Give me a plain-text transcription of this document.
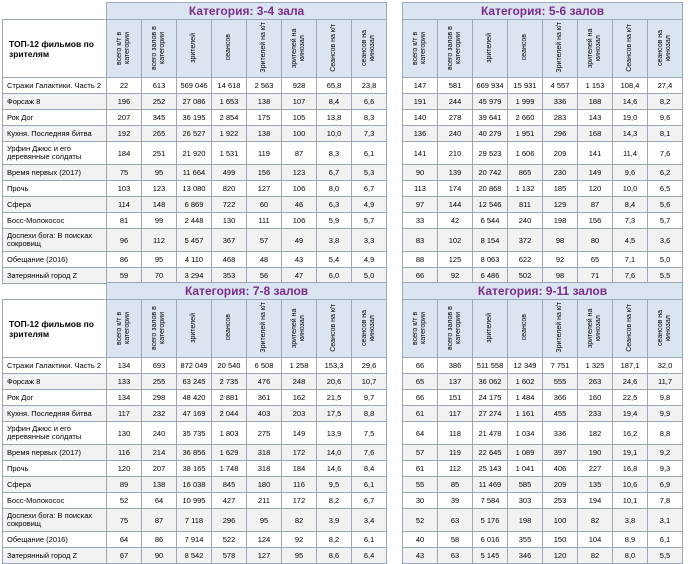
	Категория: 3-4 зала							
ТОП-12 фильмов по зрителям	всего к/т в категории	всего залов в категории	зрителей	сеансов	Зрителей на к/т	зрителей на кинозал	Сеансов на к/т	сеансов на кинозал
Стражи Галактики. Часть 2	22	613	569 046	14 618	2 563	928	65,8	23,8
Форсаж 8	196	252	27 086	1 653	138	107	8,4	6,6
Рок Дог	207	345	36 195	2 854	175	105	13,8	8,3
Кухня. Последняя битва	192	265	26 527	1 922	138	100	10,0	7,3
Урфин Джюс и его деревянные солдаты	184	251	21 920	1 531	119	87	8,3	6,1
Время первых (2017)	75	95	11 664	499	156	123	6,7	5,3
Прочь	103	123	13 080	820	127	106	8,0	6,7
Сфера	114	148	6 869	722	60	46	6,3	4,9
Босс-Молокосос	81	99	2 448	130	111	106	5,9	5,7
Доспехи бога: В поисках сокровищ	96	112	5 457	367	57	49	3,8	3,3
Обещание (2016)	86	95	4 110	468	48	43	5,4	4,9
Затерянный город Z	59	70	3 294	353	56	47	6,0	5,0
Категория: 5-6 залов							
всего к/т в категории	всего залов в категории	зрителей	сеансов	Зрителей на к/т	зрителей на кинозал	Сеансов на к/т	сеансов на кинозал
147	581	669 934	15 931	4 557	1 153	108,4	27,4
191	244	45 979	1 999	336	188	14,6	8,2
140	278	39 641	2 660	283	143	19,0	9,6
136	240	40 279	1 951	296	168	14,3	8,1
141	210	29 523	1 606	209	141	11,4	7,6
90	139	20 742	865	230	149	9,6	6,2
113	174	20 868	1 132	185	120	10,0	6,5
97	144	12 546	811	129	87	8,4	5,6
33	42	6 544	240	198	156	7,3	5,7
83	102	8 154	372	98	80	4,5	3,6
88	125	8 063	622	92	65	7,1	5,0
66	92	6 486	502	98	71	7,6	5,5
	Категория: 7-8 залов							
ТОП-12 фильмов по зрителям	всего к/т в категории	всего залов в категории	зрителей	сеансов	Зрителей на к/т	зрителей на кинозал	Сеансов на к/т	сеансов на кинозал
Стражи Галактики. Часть 2	134	693	872 049	20 540	6 508	1 258	153,3	29,6
Форсаж 8	133	255	63 245	2 735	476	248	20,6	10,7
Рок Дог	134	298	48 420	2 881	361	162	21,5	9,7
Кухня. Последняя битва	117	232	47 169	2 044	403	203	17,5	8,8
Урфин Джюс и его деревянные солдаты	130	240	35 735	1 803	275	149	13,9	7,5
Время первых (2017)	116	214	36 856	1 629	318	172	14,0	7,6
Прочь	120	207	38 165	1 748	318	184	14,6	8,4
Сфера	89	138	16 038	845	180	116	9,5	6,1
Босс-Молокосос	52	64	10 995	427	211	172	8,2	6,7
Доспехи бога: В поисках сокровищ	75	87	7 118	296	95	82	3,9	3,4
Обещание (2016)	64	86	7 914	522	124	92	8,2	6,1
Затерянный город Z	67	90	8 542	578	127	95	8,6	6,4
Категория: 9-11 залов							
всего к/т в категории	всего залов в категории	зрителей	сеансов	Зрителей на к/т	зрителей на кинозал	Сеансов на к/т	сеансов на кинозал
66	386	511 558	12 349	7 751	1 325	187,1	32,0
65	137	36 062	1 602	555	263	24,6	11,7
66	151	24 175	1 484	366	160	22,5	9,8
61	117	27 274	1 161	455	233	19,4	9,9
64	118	21 478	1 034	336	182	16,2	8,8
57	119	22 645	1 089	397	190	19,1	9,2
61	112	25 143	1 041	406	227	16,8	9,3
55	85	11 469	585	209	135	10,6	6,9
30	39	7 584	303	253	194	10,1	7,8
52	63	5 176	198	100	82	3,8	3,1
40	58	6 016	355	150	104	8,9	6,1
43	63	5 145	346	120	82	8,0	5,5
